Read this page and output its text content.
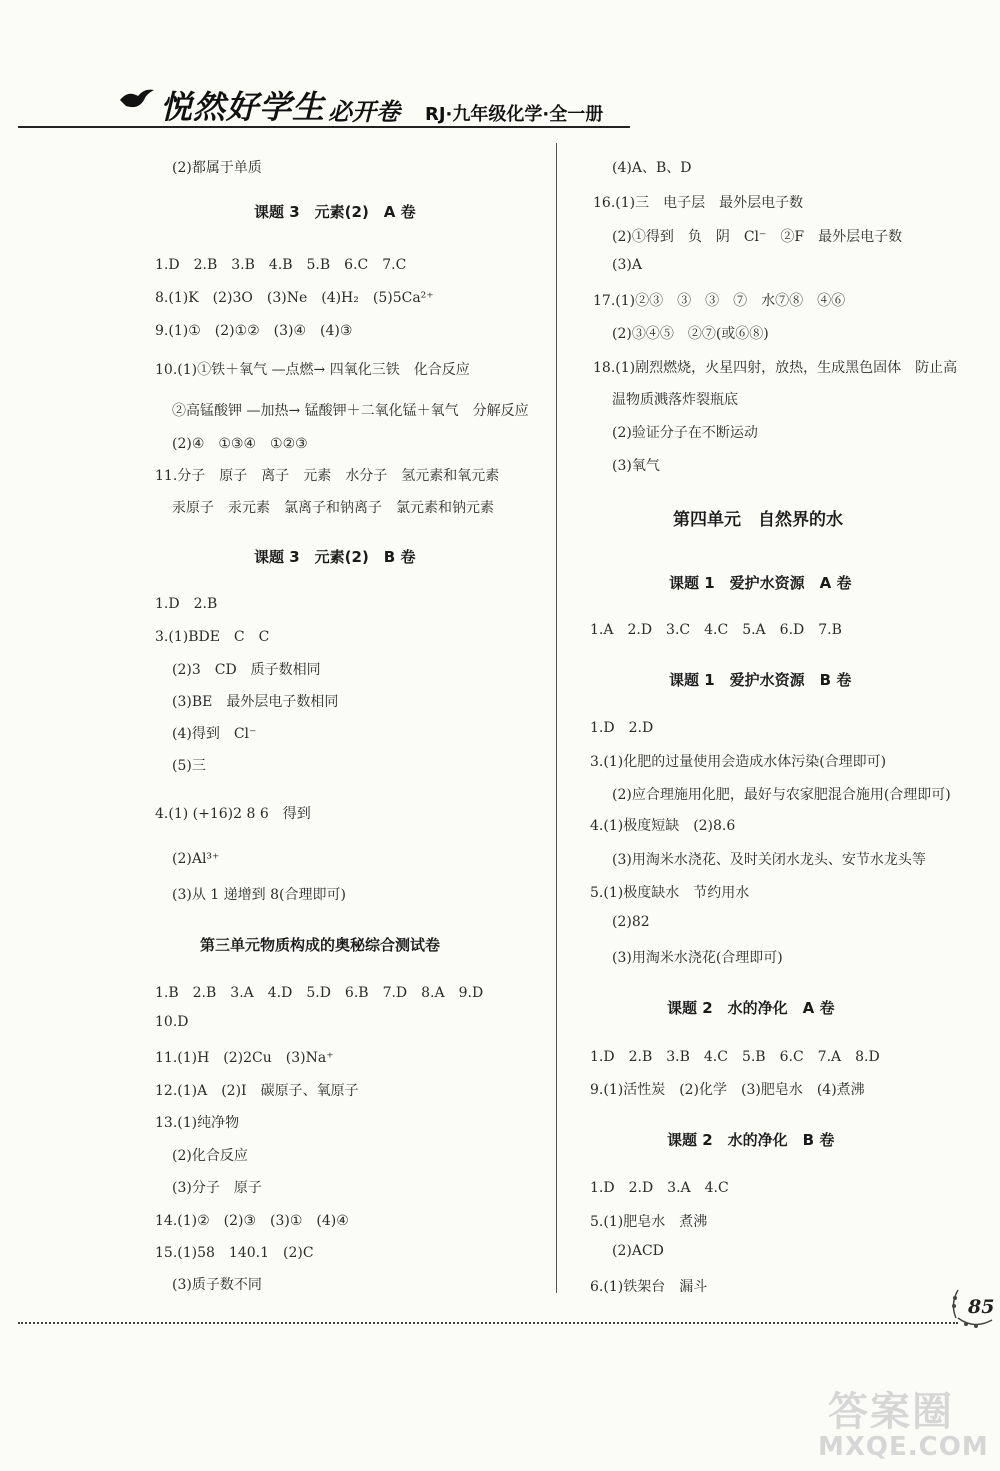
悦然好学生 必开卷 RJ·九年级化学·全一册
(2)都属于单质
课题 3　元素(2)　A 卷
1.D　2.B　3.B　4.B　5.B　6.C　7.C
8.(1)K　(2)3O　(3)Ne　(4)H₂　(5)5Ca²⁺
9.(1)①　(2)①②　(3)④　(4)③
10.(1)①铁＋氧气 —点燃→ 四氧化三铁　化合反应
②高锰酸钾 —加热→ 锰酸钾＋二氧化锰＋氧气　分解反应
(2)④　①③④　①②③
11.分子　原子　离子　元素　水分子　氢元素和氧元素
汞原子　汞元素　氯离子和钠离子　氯元素和钠元素
课题 3　元素(2)　B 卷
1.D　2.B
3.(1)BDE　C　C
(2)3　CD　质子数相同
(3)BE　最外层电子数相同
(4)得到　Cl⁻
(5)三
4.(1) (+16)2 8 6　得到
(2)Al³⁺
(3)从 1 递增到 8(合理即可)
第三单元物质构成的奥秘综合测试卷
1.B　2.B　3.A　4.D　5.D　6.B　7.D　8.A　9.D
10.D
11.(1)H　(2)2Cu　(3)Na⁺
12.(1)A　(2)I　碳原子、氧原子
13.(1)纯净物
(2)化合反应
(3)分子　原子
14.(1)②　(2)③　(3)①　(4)④
15.(1)58　140.1　(2)C
(3)质子数不同
(4)A、B、D
16.(1)三　电子层　最外层电子数
(2)①得到　负　阴　Cl⁻　②F　最外层电子数
(3)A
17.(1)②③　③　③　⑦　水⑦⑧　④⑥
(2)③④⑤　②⑦(或⑥⑧)
18.(1)剧烈燃烧，火星四射，放热，生成黑色固体　防止高
温物质溅落炸裂瓶底
(2)验证分子在不断运动
(3)氧气
第四单元　自然界的水
课题 1　爱护水资源　A 卷
1.A　2.D　3.C　4.C　5.A　6.D　7.B
课题 1　爱护水资源　B 卷
1.D　2.D
3.(1)化肥的过量使用会造成水体污染(合理即可)
(2)应合理施用化肥，最好与农家肥混合施用(合理即可)
4.(1)极度短缺　(2)8.6
(3)用淘米水浇花、及时关闭水龙头、安节水龙头等
5.(1)极度缺水　节约用水
(2)82
(3)用淘米水浇花(合理即可)
课题 2　水的净化　A 卷
1.D　2.B　3.B　4.C　5.B　6.C　7.A　8.D
9.(1)活性炭　(2)化学　(3)肥皂水　(4)煮沸
课题 2　水的净化　B 卷
1.D　2.D　3.A　4.C
5.(1)肥皂水　煮沸
(2)ACD
6.(1)铁架台　漏斗
85
答案圈
MXQE.COM
